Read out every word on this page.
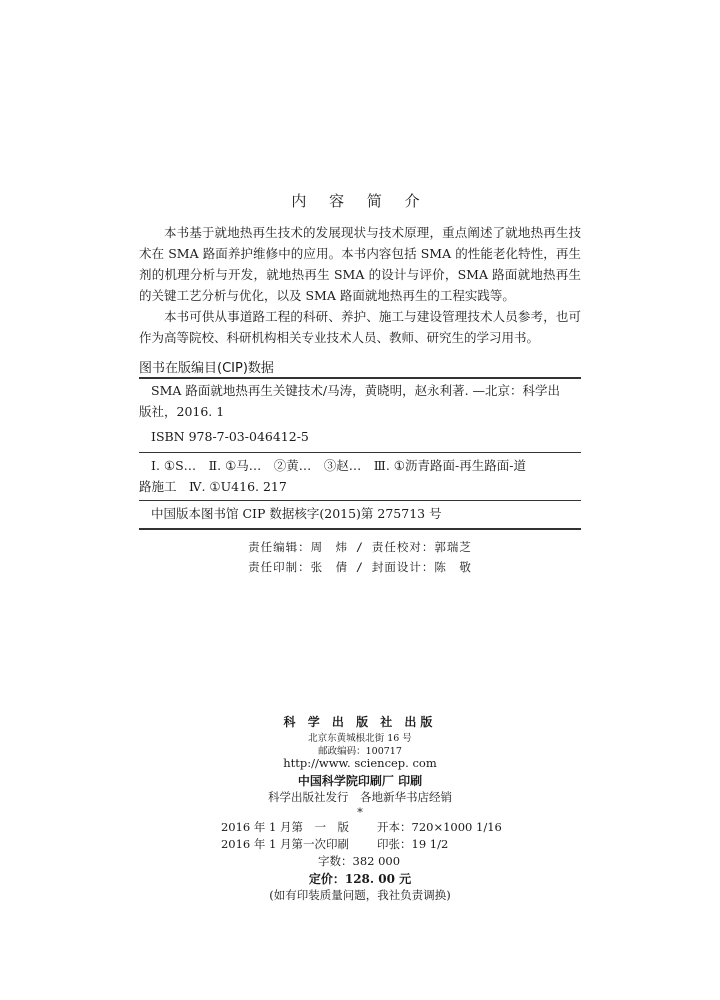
内 容 简 介

本书基于就地热再生技术的发展现状与技术原理，重点阐述了就地热再生技术在 SMA 路面养护维修中的应用。本书内容包括 SMA 的性能老化特性，再生剂的机理分析与开发，就地热再生 SMA 的设计与评价，SMA 路面就地热再生的关键工艺分析与优化，以及 SMA 路面就地热再生的工程实践等。

本书可供从事道路工程的科研、养护、施工与建设管理技术人员参考，也可作为高等院校、科研机构相关专业技术人员、教师、研究生的学习用书。

图书在版编目(CIP)数据
SMA 路面就地热再生关键技术/马涛，黄晓明，赵永利著. —北京：科学出
版社，2016. 1
ISBN 978-7-03-046412-5
Ⅰ. ①S…　Ⅱ. ①马…　②黄…　③赵…　Ⅲ. ①沥青路面-再生路面-道
路施工　Ⅳ. ①U416. 217
中国版本图书馆 CIP 数据核字(2015)第 275713 号
责任编辑：周　炜 / 责任校对：郭瑞芝
责任印制：张　倩 / 封面设计：陈　敬
科 学 出 版 社 出版
北京东黄城根北街 16 号
邮政编码：100717
http://www. sciencep. com
中国科学院印刷厂 印刷
科学出版社发行　各地新华书店经销
*
2016 年 1 月第　一　版 开本：720×1000 1/16
2016 年 1 月第一次印刷 印张：19 1/2
字数：382 000
定价：128. 00 元
(如有印装质量问题，我社负责调换)
